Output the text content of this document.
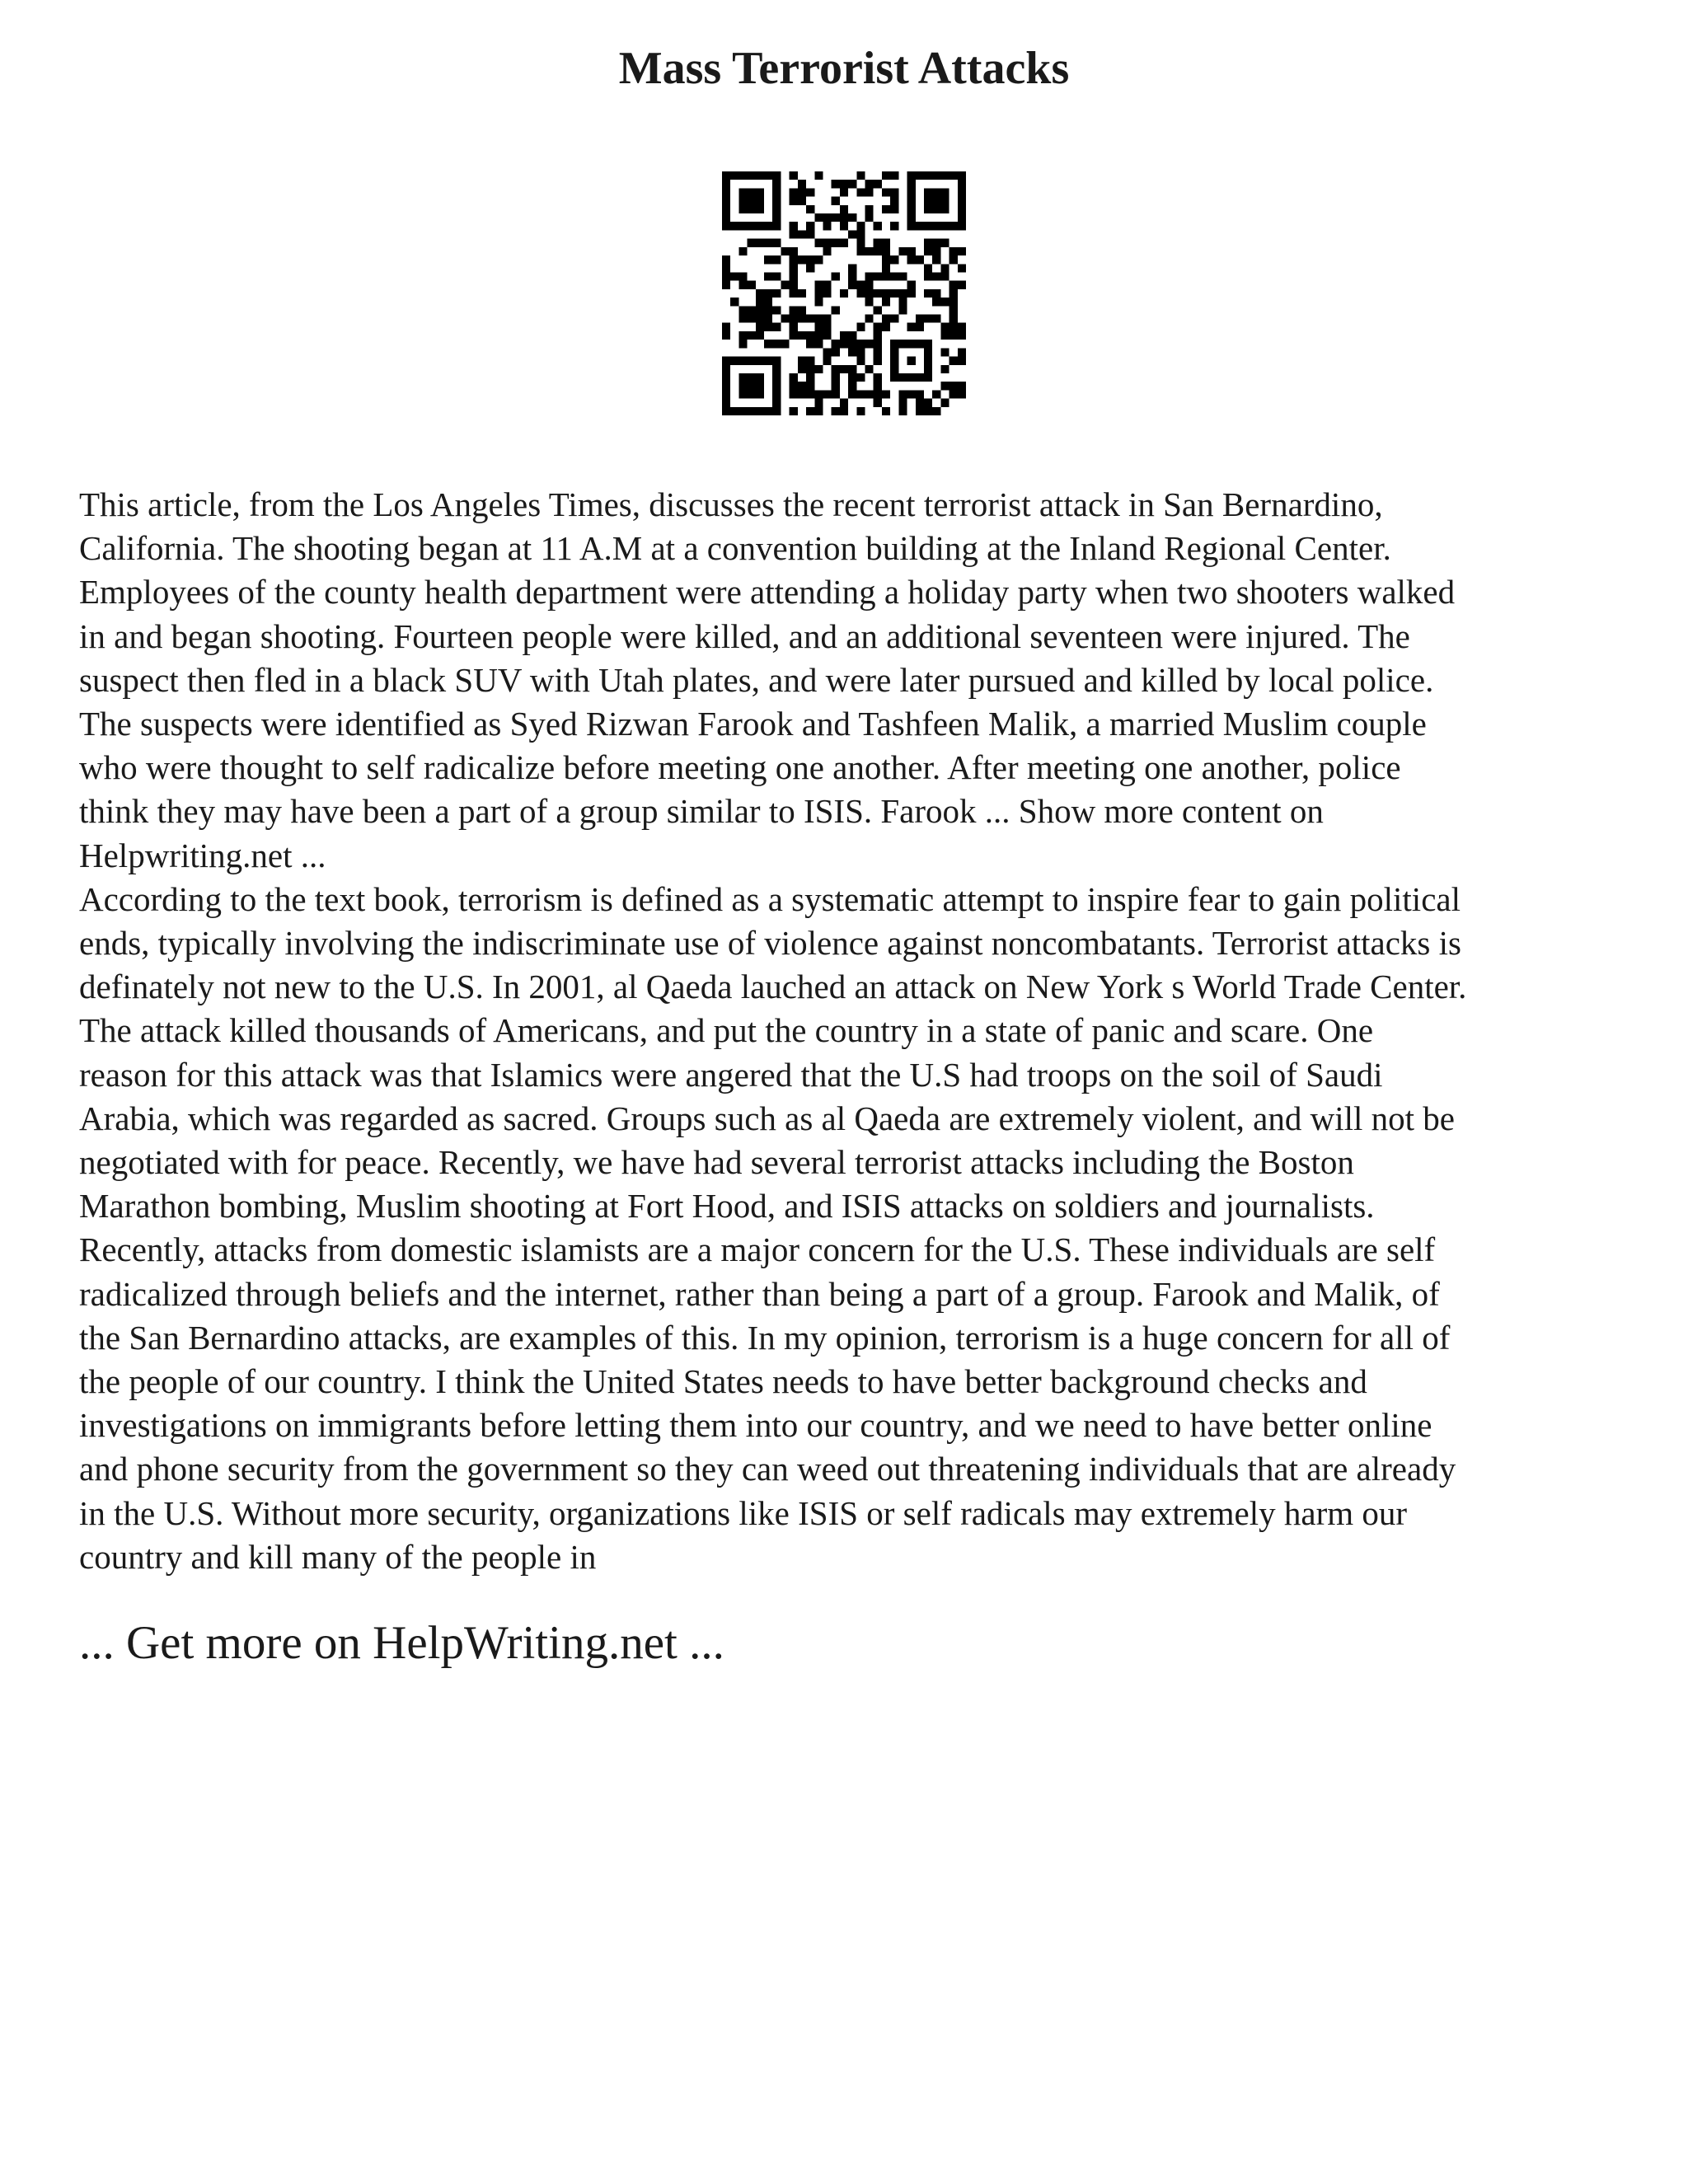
Mass Terrorist Attacks

This article, from the Los Angeles Times, discusses the recent terrorist attack in San Bernardino,
California. The shooting began at 11 A.M at a convention building at the Inland Regional Center.
Employees of the county health department were attending a holiday party when two shooters walked
in and began shooting. Fourteen people were killed, and an additional seventeen were injured. The
suspect then fled in a black SUV with Utah plates, and were later pursued and killed by local police.
The suspects were identified as Syed Rizwan Farook and Tashfeen Malik, a married Muslim couple
who were thought to self radicalize before meeting one another. After meeting one another, police
think they may have been a part of a group similar to ISIS. Farook ... Show more content on
Helpwriting.net ...

According to the text book, terrorism is defined as a systematic attempt to inspire fear to gain political
ends, typically involving the indiscriminate use of violence against noncombatants. Terrorist attacks is
definately not new to the U.S. In 2001, al Qaeda lauched an attack on New York s World Trade Center.
The attack killed thousands of Americans, and put the country in a state of panic and scare. One
reason for this attack was that Islamics were angered that the U.S had troops on the soil of Saudi
Arabia, which was regarded as sacred. Groups such as al Qaeda are extremely violent, and will not be
negotiated with for peace. Recently, we have had several terrorist attacks including the Boston
Marathon bombing, Muslim shooting at Fort Hood, and ISIS attacks on soldiers and journalists.
Recently, attacks from domestic islamists are a major concern for the U.S. These individuals are self
radicalized through beliefs and the internet, rather than being a part of a group. Farook and Malik, of
the San Bernardino attacks, are examples of this. In my opinion, terrorism is a huge concern for all of
the people of our country. I think the United States needs to have better background checks and
investigations on immigrants before letting them into our country, and we need to have better online
and phone security from the government so they can weed out threatening individuals that are already
in the U.S. Without more security, organizations like ISIS or self radicals may extremely harm our
country and kill many of the people in

... Get more on HelpWriting.net ...
